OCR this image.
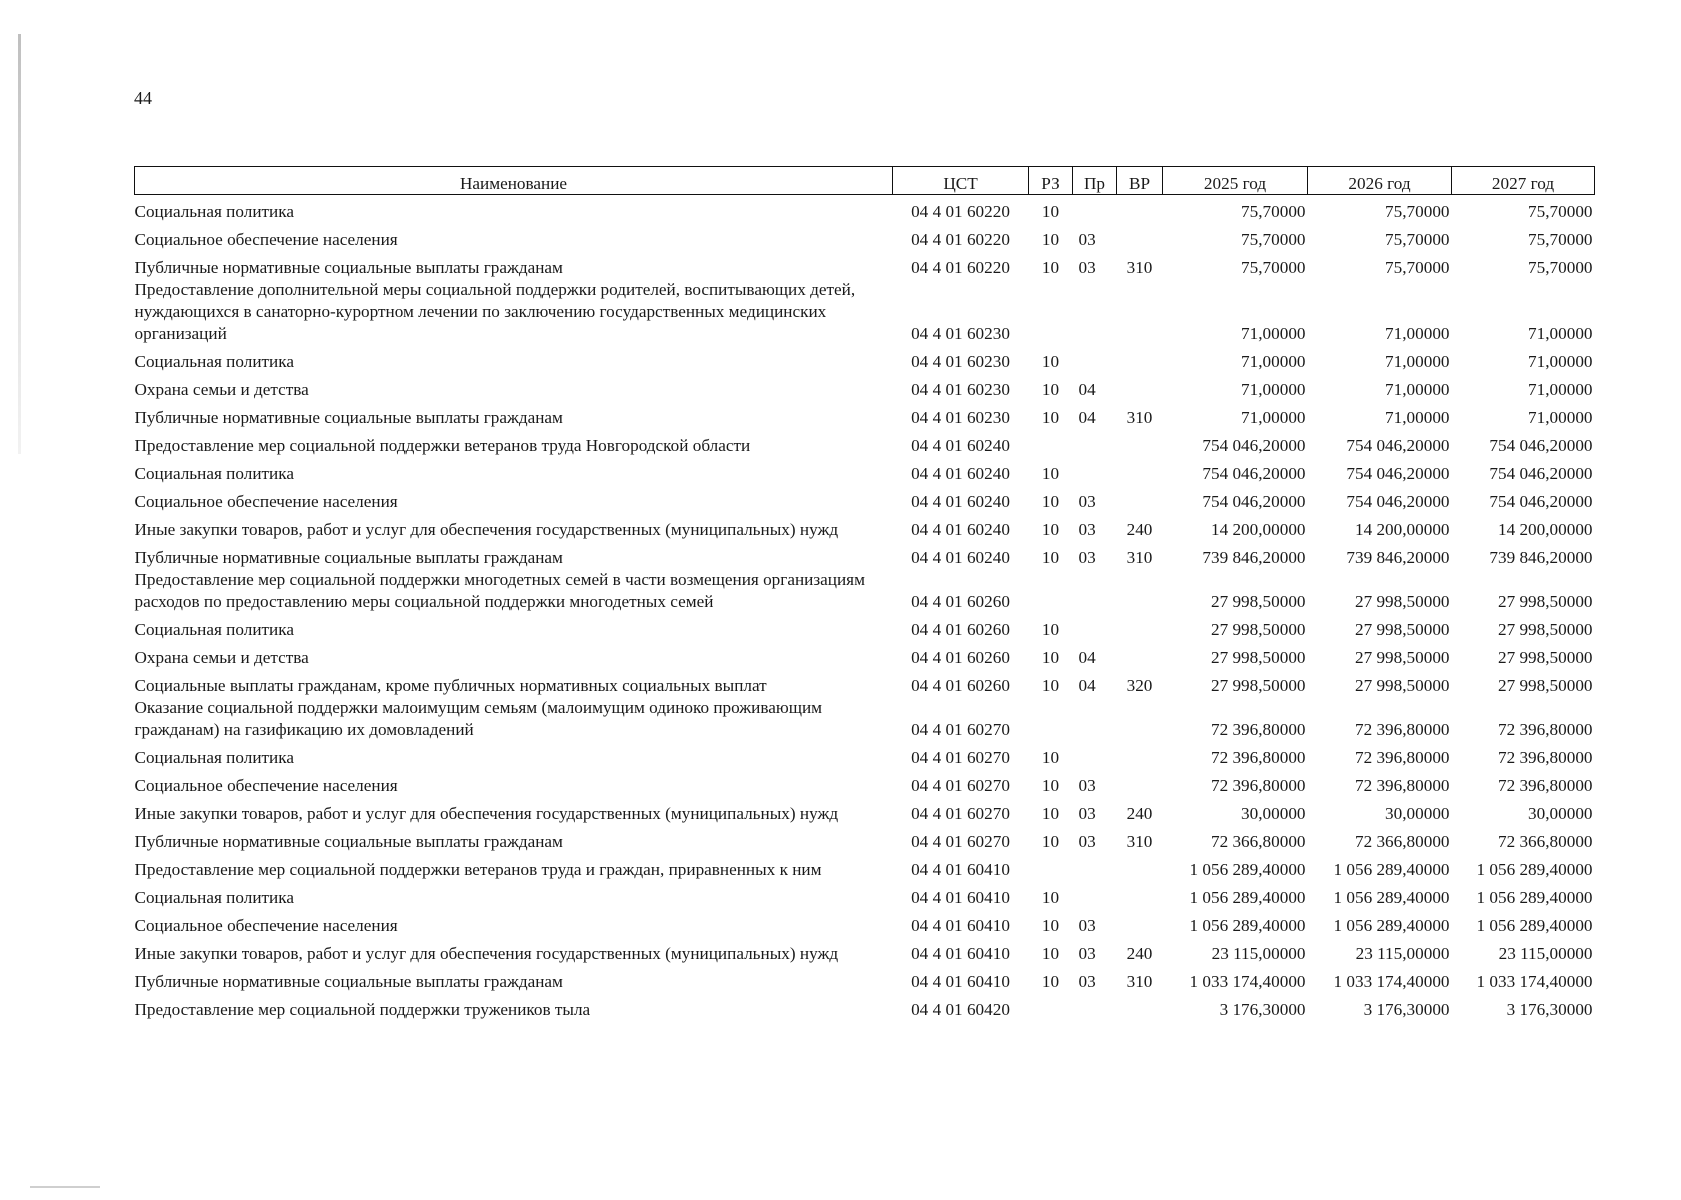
44
Наименование	ЦСТ	РЗ	Пр	ВР	2025 год	2026 год	2027 год
Социальная политика	04 4 01 60220	10			75,70000	75,70000	75,70000
Социальное обеспечение населения	04 4 01 60220	10	03		75,70000	75,70000	75,70000
Публичные нормативные социальные выплаты гражданам	04 4 01 60220	10	03	310	75,70000	75,70000	75,70000
Предоставление дополнительной меры социальной поддержки родителей, воспитывающих детей, нуждающихся в санаторно-курортном лечении по заключению государственных медицинских организаций	04 4 01 60230				71,00000	71,00000	71,00000
Социальная политика	04 4 01 60230	10			71,00000	71,00000	71,00000
Охрана семьи и детства	04 4 01 60230	10	04		71,00000	71,00000	71,00000
Публичные нормативные социальные выплаты гражданам	04 4 01 60230	10	04	310	71,00000	71,00000	71,00000
Предоставление мер социальной поддержки ветеранов труда Новгородской области	04 4 01 60240				754 046,20000	754 046,20000	754 046,20000
Социальная политика	04 4 01 60240	10			754 046,20000	754 046,20000	754 046,20000
Социальное обеспечение населения	04 4 01 60240	10	03		754 046,20000	754 046,20000	754 046,20000
Иные закупки товаров, работ и услуг для обеспечения государственных (муниципальных) нужд	04 4 01 60240	10	03	240	14 200,00000	14 200,00000	14 200,00000
Публичные нормативные социальные выплаты гражданам	04 4 01 60240	10	03	310	739 846,20000	739 846,20000	739 846,20000
Предоставление мер социальной поддержки многодетных семей в части возмещения организациям расходов по предоставлению меры социальной поддержки многодетных семей	04 4 01 60260				27 998,50000	27 998,50000	27 998,50000
Социальная политика	04 4 01 60260	10			27 998,50000	27 998,50000	27 998,50000
Охрана семьи и детства	04 4 01 60260	10	04		27 998,50000	27 998,50000	27 998,50000
Социальные выплаты гражданам, кроме публичных нормативных социальных выплат	04 4 01 60260	10	04	320	27 998,50000	27 998,50000	27 998,50000
Оказание социальной поддержки малоимущим семьям (малоимущим одиноко проживающим гражданам) на газификацию их домовладений	04 4 01 60270				72 396,80000	72 396,80000	72 396,80000
Социальная политика	04 4 01 60270	10			72 396,80000	72 396,80000	72 396,80000
Социальное обеспечение населения	04 4 01 60270	10	03		72 396,80000	72 396,80000	72 396,80000
Иные закупки товаров, работ и услуг для обеспечения государственных (муниципальных) нужд	04 4 01 60270	10	03	240	30,00000	30,00000	30,00000
Публичные нормативные социальные выплаты гражданам	04 4 01 60270	10	03	310	72 366,80000	72 366,80000	72 366,80000
Предоставление мер социальной поддержки ветеранов труда и граждан, приравненных к ним	04 4 01 60410				1 056 289,40000	1 056 289,40000	1 056 289,40000
Социальная политика	04 4 01 60410	10			1 056 289,40000	1 056 289,40000	1 056 289,40000
Социальное обеспечение населения	04 4 01 60410	10	03		1 056 289,40000	1 056 289,40000	1 056 289,40000
Иные закупки товаров, работ и услуг для обеспечения государственных (муниципальных) нужд	04 4 01 60410	10	03	240	23 115,00000	23 115,00000	23 115,00000
Публичные нормативные социальные выплаты гражданам	04 4 01 60410	10	03	310	1 033 174,40000	1 033 174,40000	1 033 174,40000
Предоставление мер социальной поддержки тружеников тыла	04 4 01 60420				3 176,30000	3 176,30000	3 176,30000
